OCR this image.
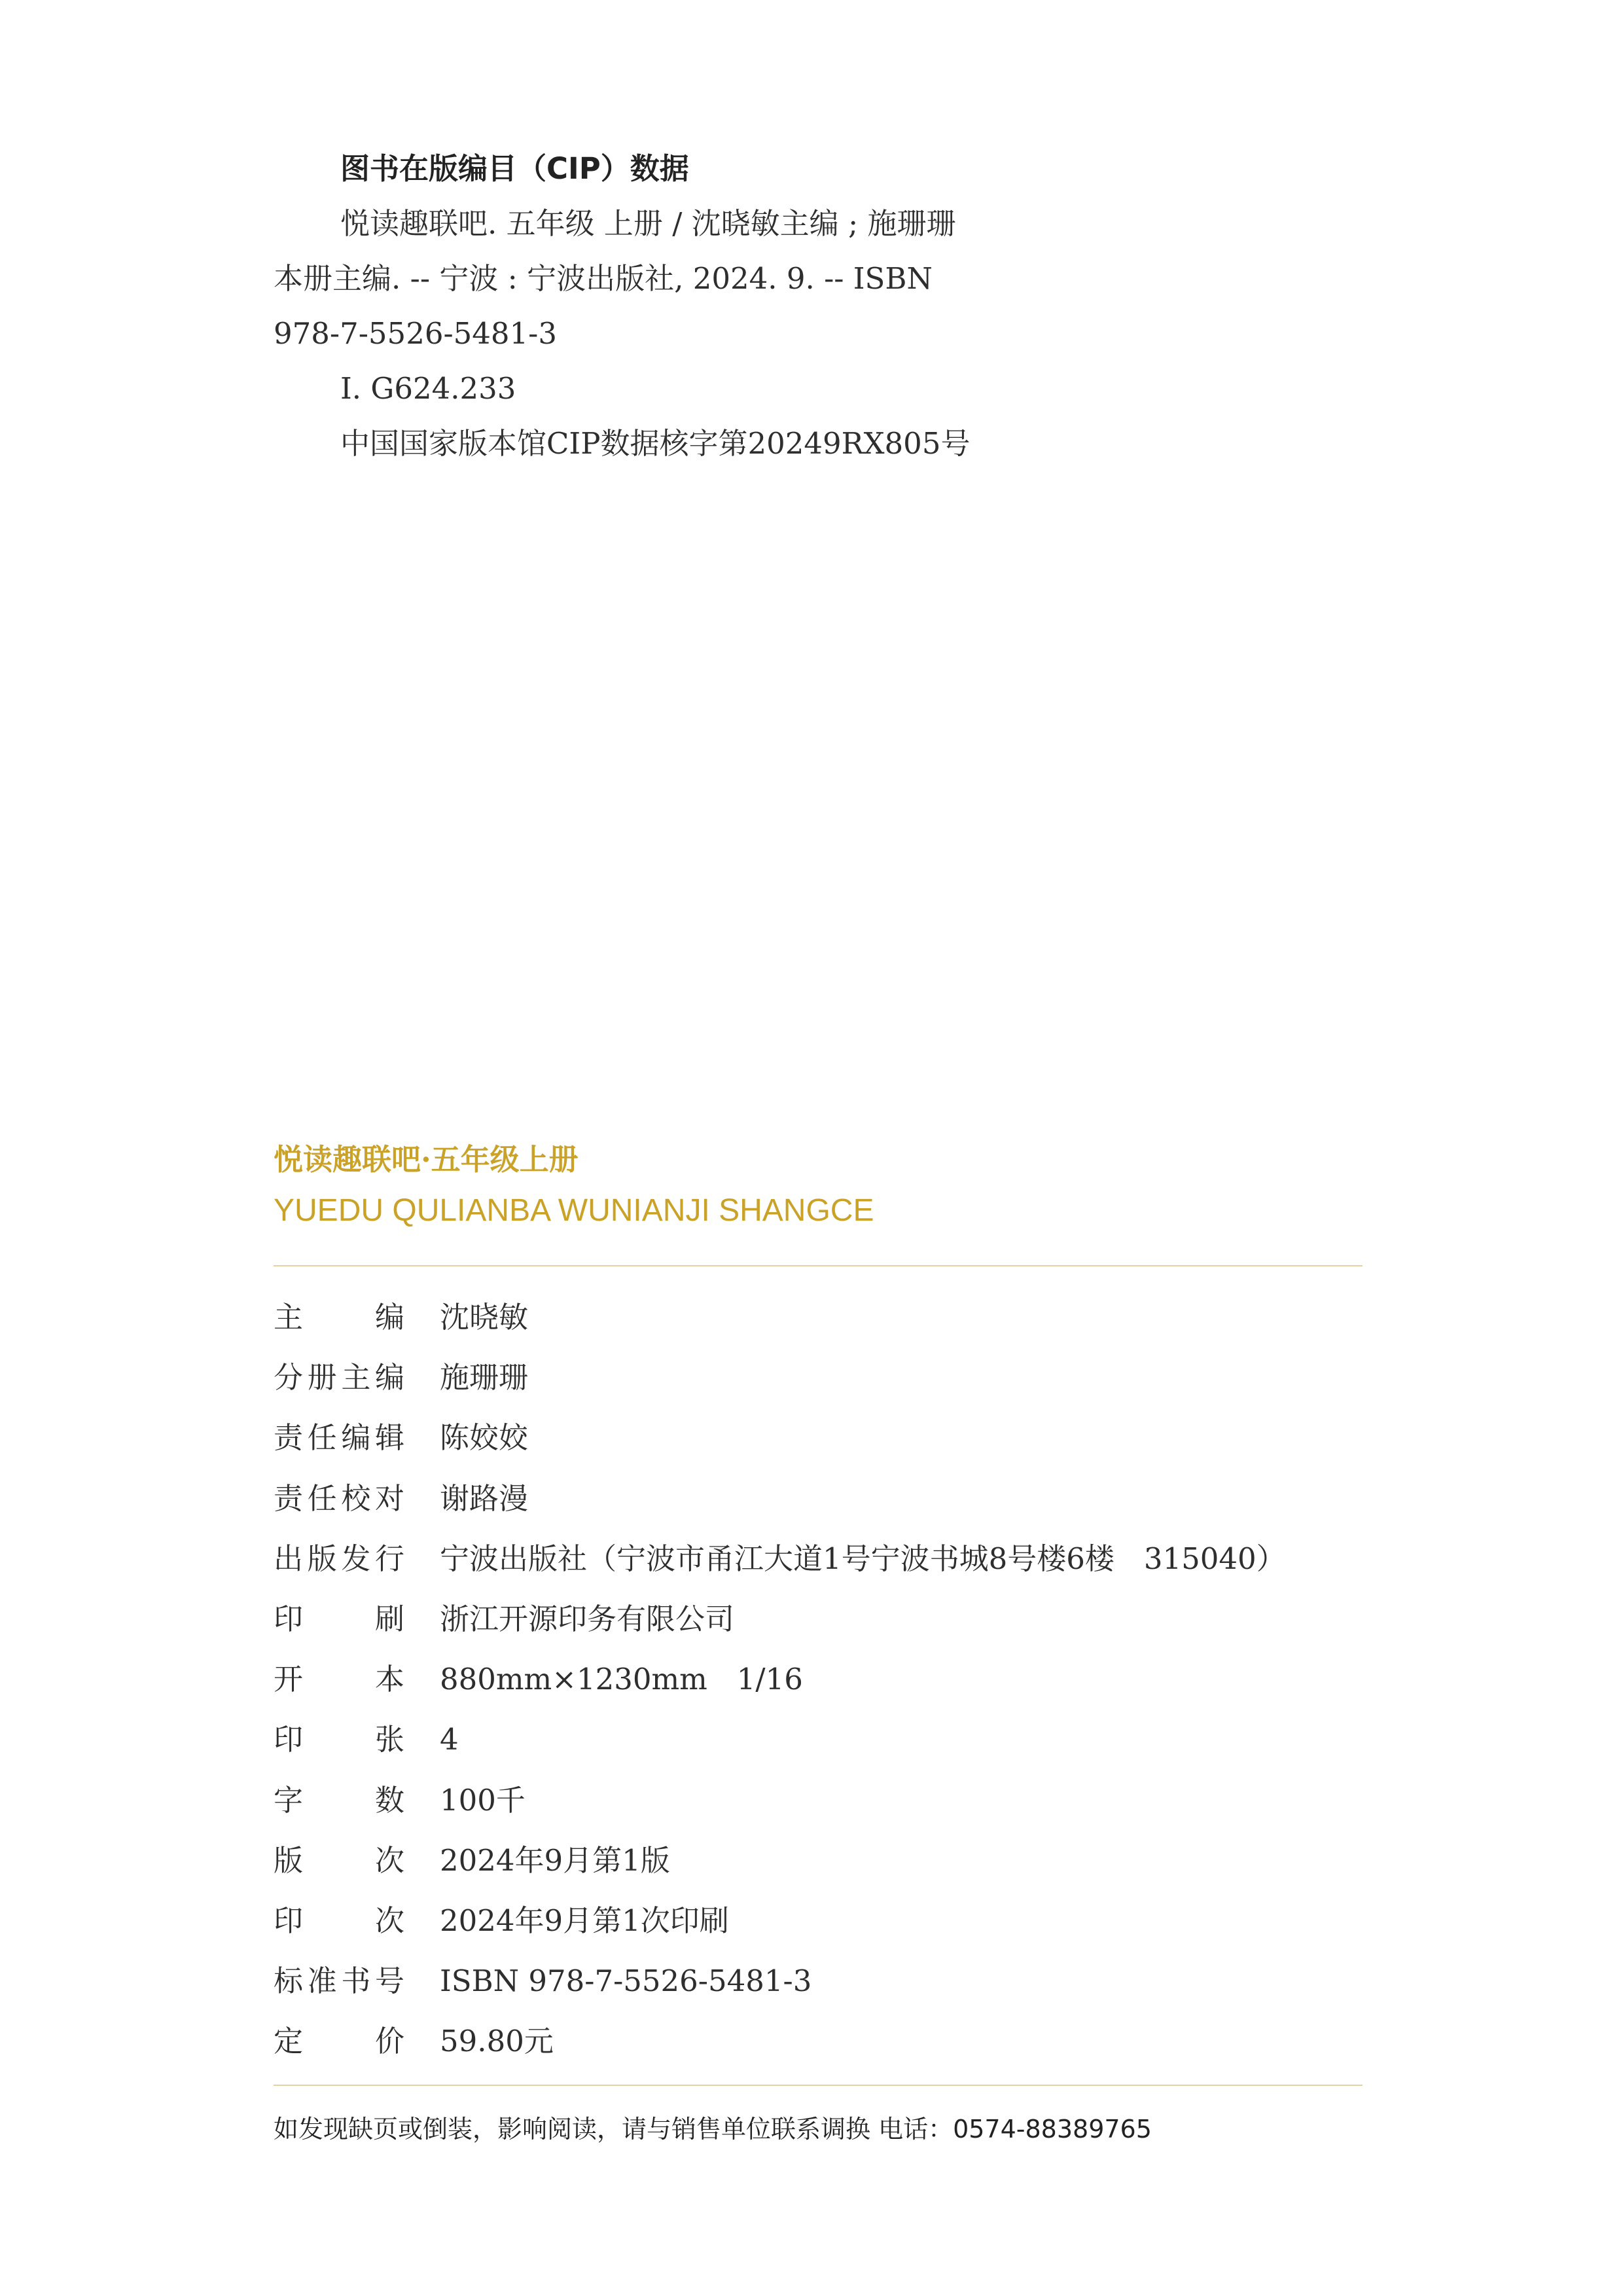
图书在版编目（CIP）数据
悦读趣联吧. 五年级 上册 / 沈晓敏主编 ; 施珊珊
本册主编. -- 宁波 : 宁波出版社, 2024. 9. -- ISBN
978-7-5526-5481-3
Ⅰ. G624.233
中国国家版本馆CIP数据核字第20249RX805号
悦读趣联吧·五年级上册
YUEDU QULIANBA WUNIANJI SHANGCE
主 编 沈晓敏
分 册 主 编 施珊珊
责 任 编 辑 陈姣姣
责 任 校 对 谢路漫
出 版 发 行 宁波出版社（宁波市甬江大道1号宁波书城8号楼6楼　315040）
印 刷 浙江开源印务有限公司
开 本 880mm×1230mm　1/16
印 张 4
字 数 100千
版 次 2024年9月第1版
印 次 2024年9月第1次印刷
标 准 书 号 ISBN 978-7-5526-5481-3
定 价 59.80元
如发现缺页或倒装，影响阅读，请与销售单位联系调换 电话：0574-88389765
